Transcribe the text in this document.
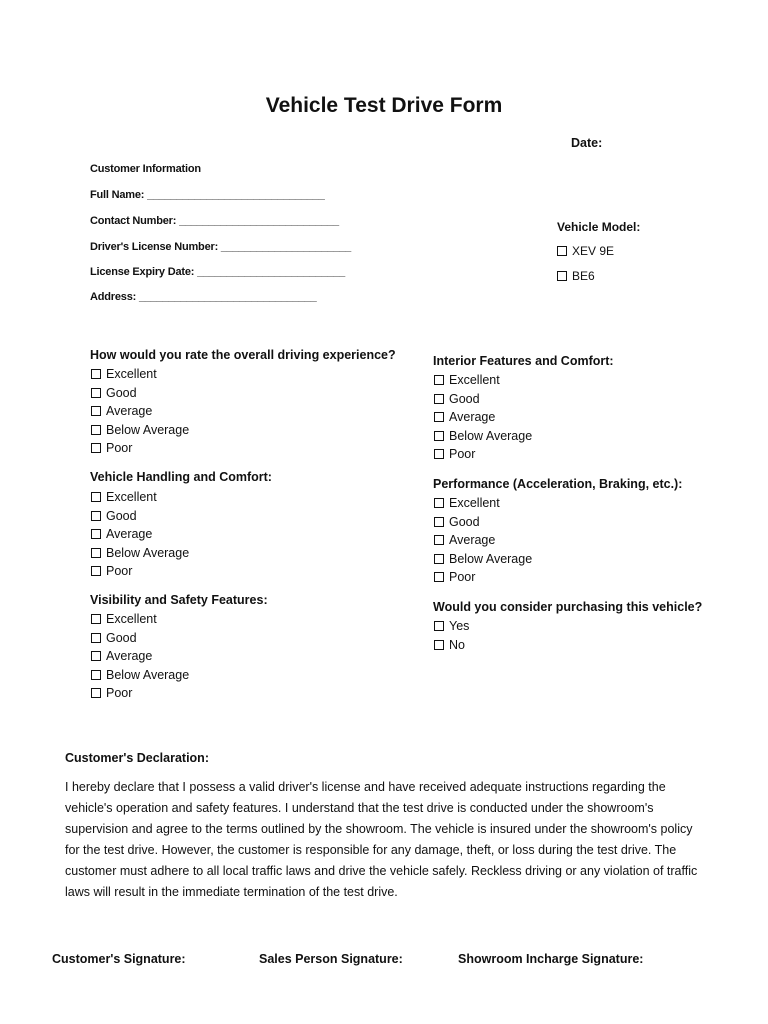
Vehicle Test Drive Form
Date:
Customer Information
Full Name: ______________________________
Contact Number: ___________________________
Driver's License Number: ______________________
License Expiry Date: _________________________
Address: ______________________________
Vehicle Model:
XEV 9E
BE6
How would you rate the overall driving experience?
Excellent
Good
Average
Below Average
Poor
Vehicle Handling and Comfort:
Excellent
Good
Average
Below Average
Poor
Visibility and Safety Features:
Excellent
Good
Average
Below Average
Poor
Interior Features and Comfort:
Excellent
Good
Average
Below Average
Poor
Performance (Acceleration, Braking, etc.):
Excellent
Good
Average
Below Average
Poor
Would you consider purchasing this vehicle?
Yes
No
Customer's Declaration:

I hereby declare that I possess a valid driver's license and have received adequate instructions regarding the

vehicle's operation and safety features. I understand that the test drive is conducted under the showroom's

supervision and agree to the terms outlined by the showroom. The vehicle is insured under the showroom's policy

for the test drive. However, the customer is responsible for any damage, theft, or loss during the test drive. The

customer must adhere to all local traffic laws and drive the vehicle safely. Reckless driving or any violation of traffic

laws will result in the immediate termination of the test drive.

Customer's Signature:	Sales Person Signature:	Showroom Incharge Signature:
